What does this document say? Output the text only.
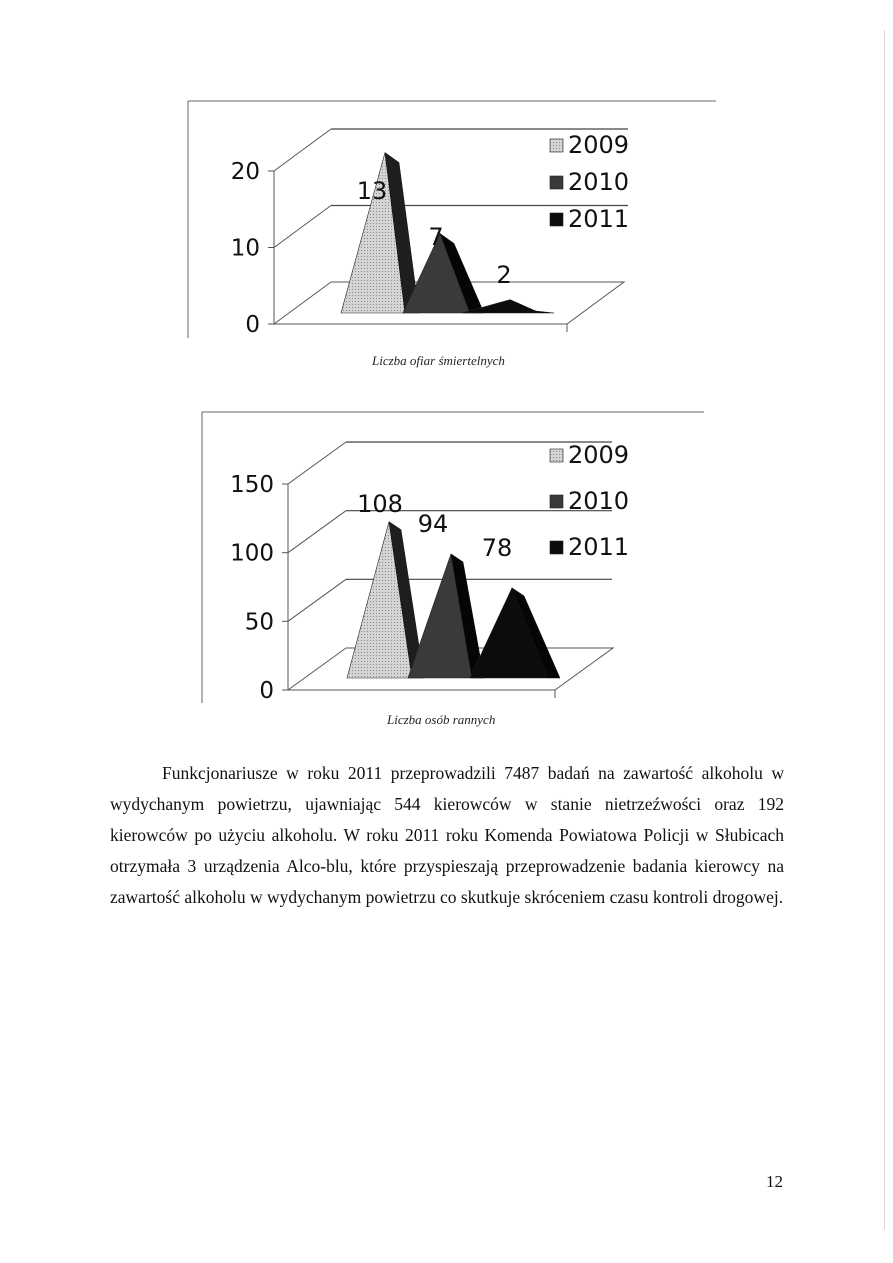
0
10
20
13
7
2
2009
2010
2011
Liczba ofiar śmiertelnych
0
50
100
150
108
94
78
2009
2010
2011
Liczba osób rannych

Funkcjonariusze w roku 2011 przeprowadzili 7487 badań na zawartość alkoholu w wydychanym powietrzu, ujawniając 544 kierowców w stanie nietrzeźwości oraz 192 kierowców po użyciu alkoholu. W roku 2011 roku Komenda Powiatowa Policji w Słubicach otrzymała 3 urządzenia Alco-blu, które przyspieszają przeprowadzenie badania kierowcy na zawartość alkoholu w wydychanym powietrzu co skutkuje skróceniem czasu kontroli drogowej.

12
